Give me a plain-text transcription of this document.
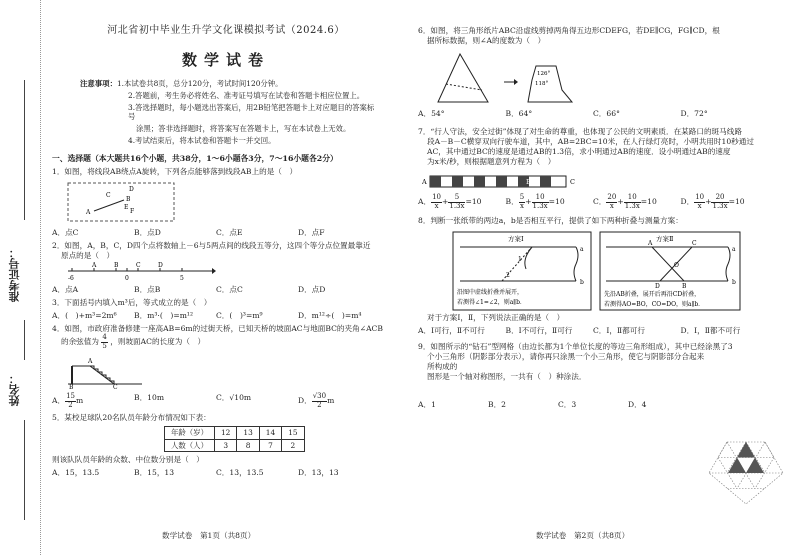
准考证号：
姓名：
河北省初中毕业生升学文化课模拟考试（2024.6）
数学试卷

注意事项：1.本试卷共8页，总分120分，考试时间120分钟。

2.答题前，考生务必将姓名、准考证号填写在试卷和答题卡相应位置上。

3.答选择题时，每小题选出答案后，用2B铅笔把答题卡上对应题目的答案标号

涂黑；答非选择题时，将答案写在答题卡上，写在本试卷上无效。

4.考试结束后，将本试卷和答题卡一并交回。

一、选择题（本大题共16个小题，共38分，1～6小题各3分，7～16小题各2分）
1．如图，将线段AB绕点A旋转，下列各点能够落到线段AB上的是（　）
A
B
C
D
E
F
A．点C	B．点D	C．点E	D．点F
2．如图，A，B，C，D四个点将数轴上－6与5两点间的线段五等分，这四个等分点位置最靠近
原点的是（　）
A	B	C	D
-6	0	5
A．点A	B．点B	C．点C	D．点D
3．下面括号内填入m³后，等式成立的是（　）
A．(　)+m³=2m⁶	B．m³·(　)=m¹²	C．(　)³=m⁹	D．m¹²÷(　)=m⁴
4．如图，市政府准备修建一座高AB=6m的过街天桥，已知天桥的坡面AC与地面BC的夹角∠ACB
的余弦值为 $\frac{4}{5}$ ，则坡面AC的长度为（　）
A
B	C
A． $\frac{15}{2}$ m	B．10m	C．√10m	D． $\frac{√30}{2}$ m
5．某校足球队20名队员年龄分布情况如下表：
年龄（岁）	12	13	14	15
人数（人）	3	8	7	2
则该队队员年龄的众数、中位数分别是（　）
A．15，13.5	B．15，13	C．13，13.5	D．13，13
数学试卷　第1页（共8页）
6．如图，将三角形纸片ABC沿虚线剪掉两角得五边形CDEFG，若DE∥CG，FG∥CD，根
据所标数据，则∠A的度数为（　）
126°
118°
A．54°	B．64°	C．66°	D．72°
7．“行人守法，安全过街”体现了对生命的尊重，也体现了公民的文明素质．在某路口的斑马线路
段A－B－C横穿双向行驶车道，其中，AB=2BC=10米，在人行绿灯亮时，小明共用时10秒通过
AC，其中通过BC的速度是通过AB的1.3倍，求小明通过AB的速度．设小明通过AB的速度
为x米/秒，则根据题意列方程为（　）
A	B	C
A． $\frac{10}{x} + \frac{5}{1.3x} =10$	B． $\frac{5}{x} + \frac{10}{1.3x} =10$	C． $\frac{20}{x} + \frac{10}{1.3x} =10$	D． $\frac{10}{x} + \frac{20}{1.3x} =10$
8．判断一张纸带的两边a，b是否相互平行，提供了如下两种折叠与测量方案：
方案Ⅰ
1
2
a
b
沿图中虚线折叠并展开，
若测得∠1=∠2，则a∥b．
方案Ⅱ
A	C
O
D	B
a
b
先沿AB折叠，展开后再沿CD折叠，
若测得AO=BO，CO=DO，则a∥b．
对于方案Ⅰ，Ⅱ，下列说法正确的是（　）
A．Ⅰ可行，Ⅱ不可行	B．Ⅰ不可行，Ⅱ可行	C．Ⅰ，Ⅱ都可行	D．Ⅰ，Ⅱ都不可行
9．如图所示的“钻石”型网格（由边长都为1个单位长度的等边三角形组成），其中已经涂黑了3
个小三角形（阴影部分表示），请你再只涂黑一个小三角形，使它与阴影部分合起来所构成的
图形是一个轴对称图形，一共有（　）种涂法．
A．1	B．2	C．3	D．4
数学试卷　第2页（共8页）
